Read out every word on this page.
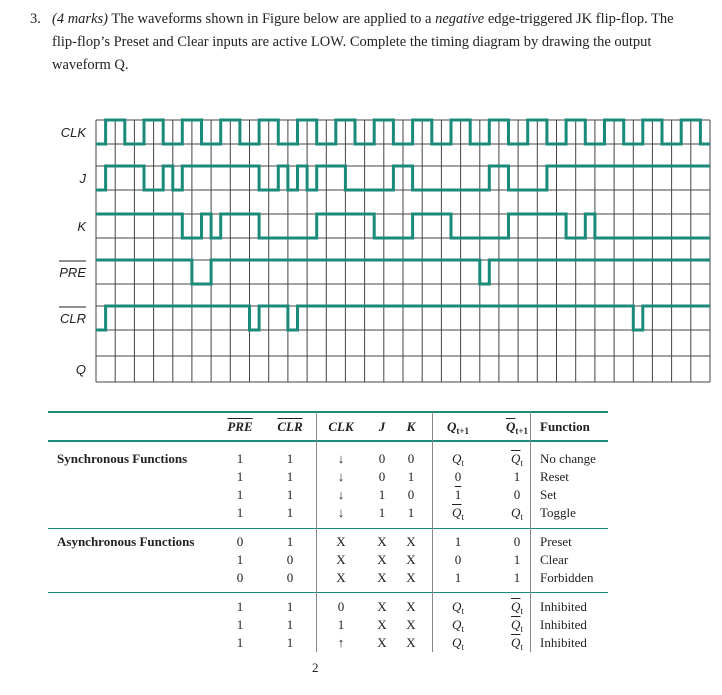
3. (4 marks) The waveforms shown in Figure below are applied to a negative edge-triggered JK flip-flop. The flip-flop’s Preset and Clear inputs are active LOW. Complete the timing diagram by drawing the output waveform Q.
CLK
J
K
PRE
CLR
Q
$\overline{PRE}$ $\overline{CLR}$ CLK J K $Q_{t+1}$	$\overline{Q}_{t+1}$ Function
Synchronous Functions	1	1	↓	0 0	$Q_t$	$\overline{Q}_t$ No change
1	1	↓	0 1	0	1 Reset
1	1	↓	1 0	1	0 Set
1	1	↓	1 1	$\overline{Q}_t$	$Q_t$ Toggle
Asynchronous Functions	0	1	X X X	1	0 Preset
1	0	X X X	0	1 Clear
0	0	X X X	1	1 Forbidden
1	1	0	X X	$Q_t$	$\overline{Q}_t$ Inhibited
1	1	1	X X	$Q_t$	$\overline{Q}_t$ Inhibited
1	1	↑	X X	$Q_t$	$\overline{Q}_t$ Inhibited
2
